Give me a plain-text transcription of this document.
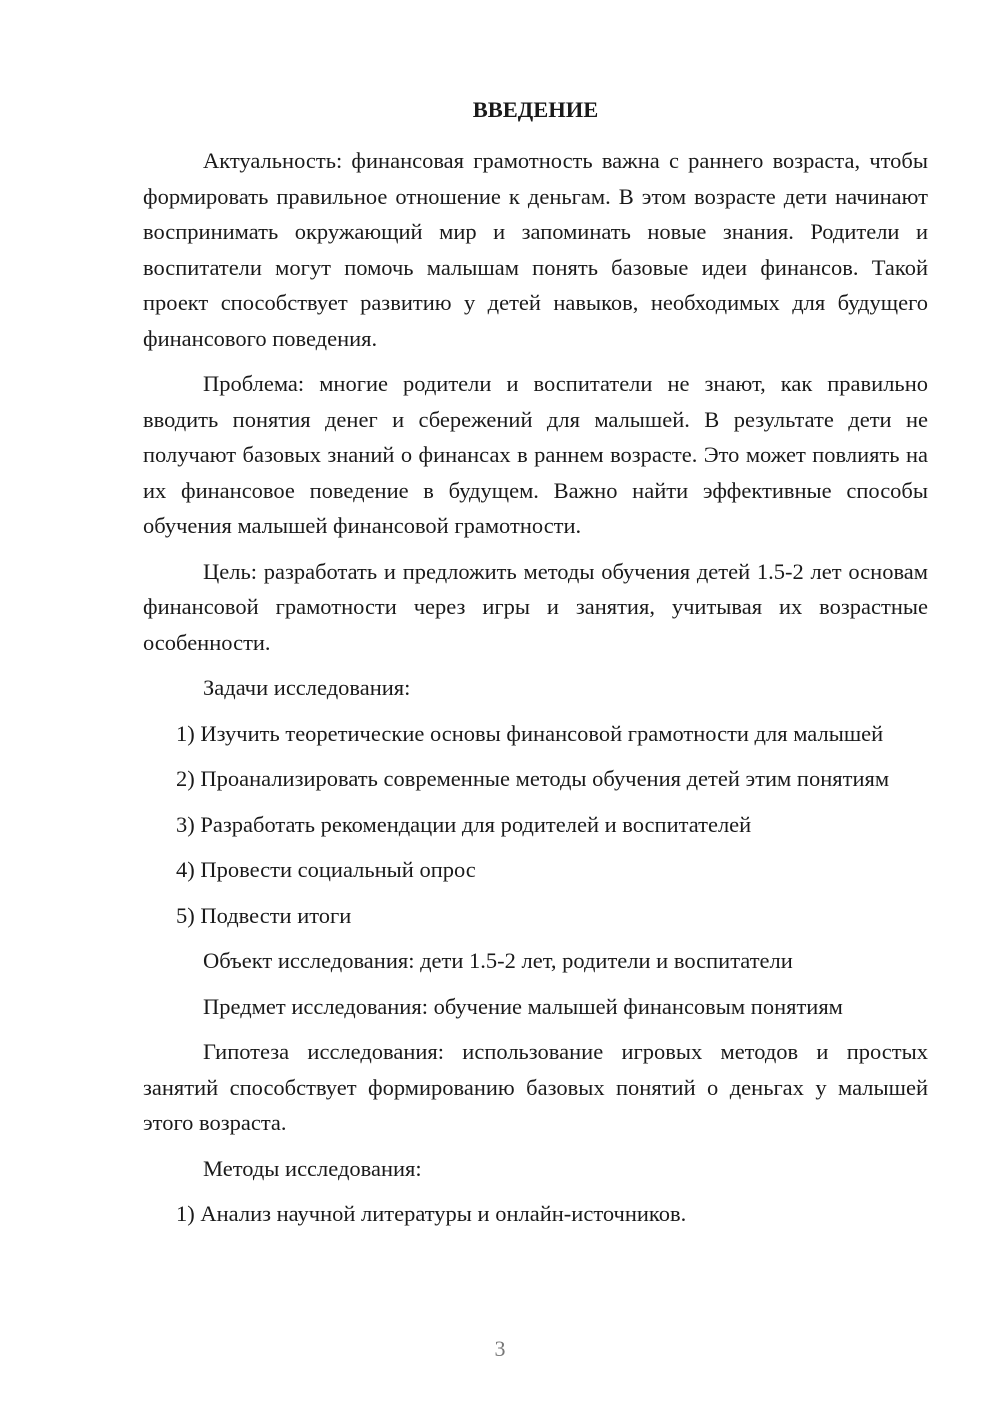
ВВЕДЕНИЕ

Актуальность: финансовая грамотность важна с раннего возраста, чтобы формировать правильное отношение к деньгам. В этом возрасте дети начинают воспринимать окружающий мир и запоминать новые знания. Родители и воспитатели могут помочь малышам понять базовые идеи финансов. Такой проект способствует развитию у детей навыков, необходимых для будущего финансового поведения.

Проблема: многие родители и воспитатели не знают, как правильно вводить понятия денег и сбережений для малышей. В результате дети не получают базовых знаний о финансах в раннем возрасте. Это может повлиять на их финансовое поведение в будущем. Важно найти эффективные способы обучения малышей финансовой грамотности.

Цель: разработать и предложить методы обучения детей 1.5-2 лет основам финансовой грамотности через игры и занятия, учитывая их возрастные особенности.

Задачи исследования:

1) Изучить теоретические основы финансовой грамотности для малышей

2) Проанализировать современные методы обучения детей этим понятиям

3) Разработать рекомендации для родителей и воспитателей

4) Провести социальный опрос

5) Подвести итоги

Объект исследования: дети 1.5-2 лет, родители и воспитатели

Предмет исследования: обучение малышей финансовым понятиям

Гипотеза исследования: использование игровых методов и простых занятий способствует формированию базовых понятий о деньгах у малышей этого возраста.

Методы исследования:

1) Анализ научной литературы и онлайн-источников.

3
